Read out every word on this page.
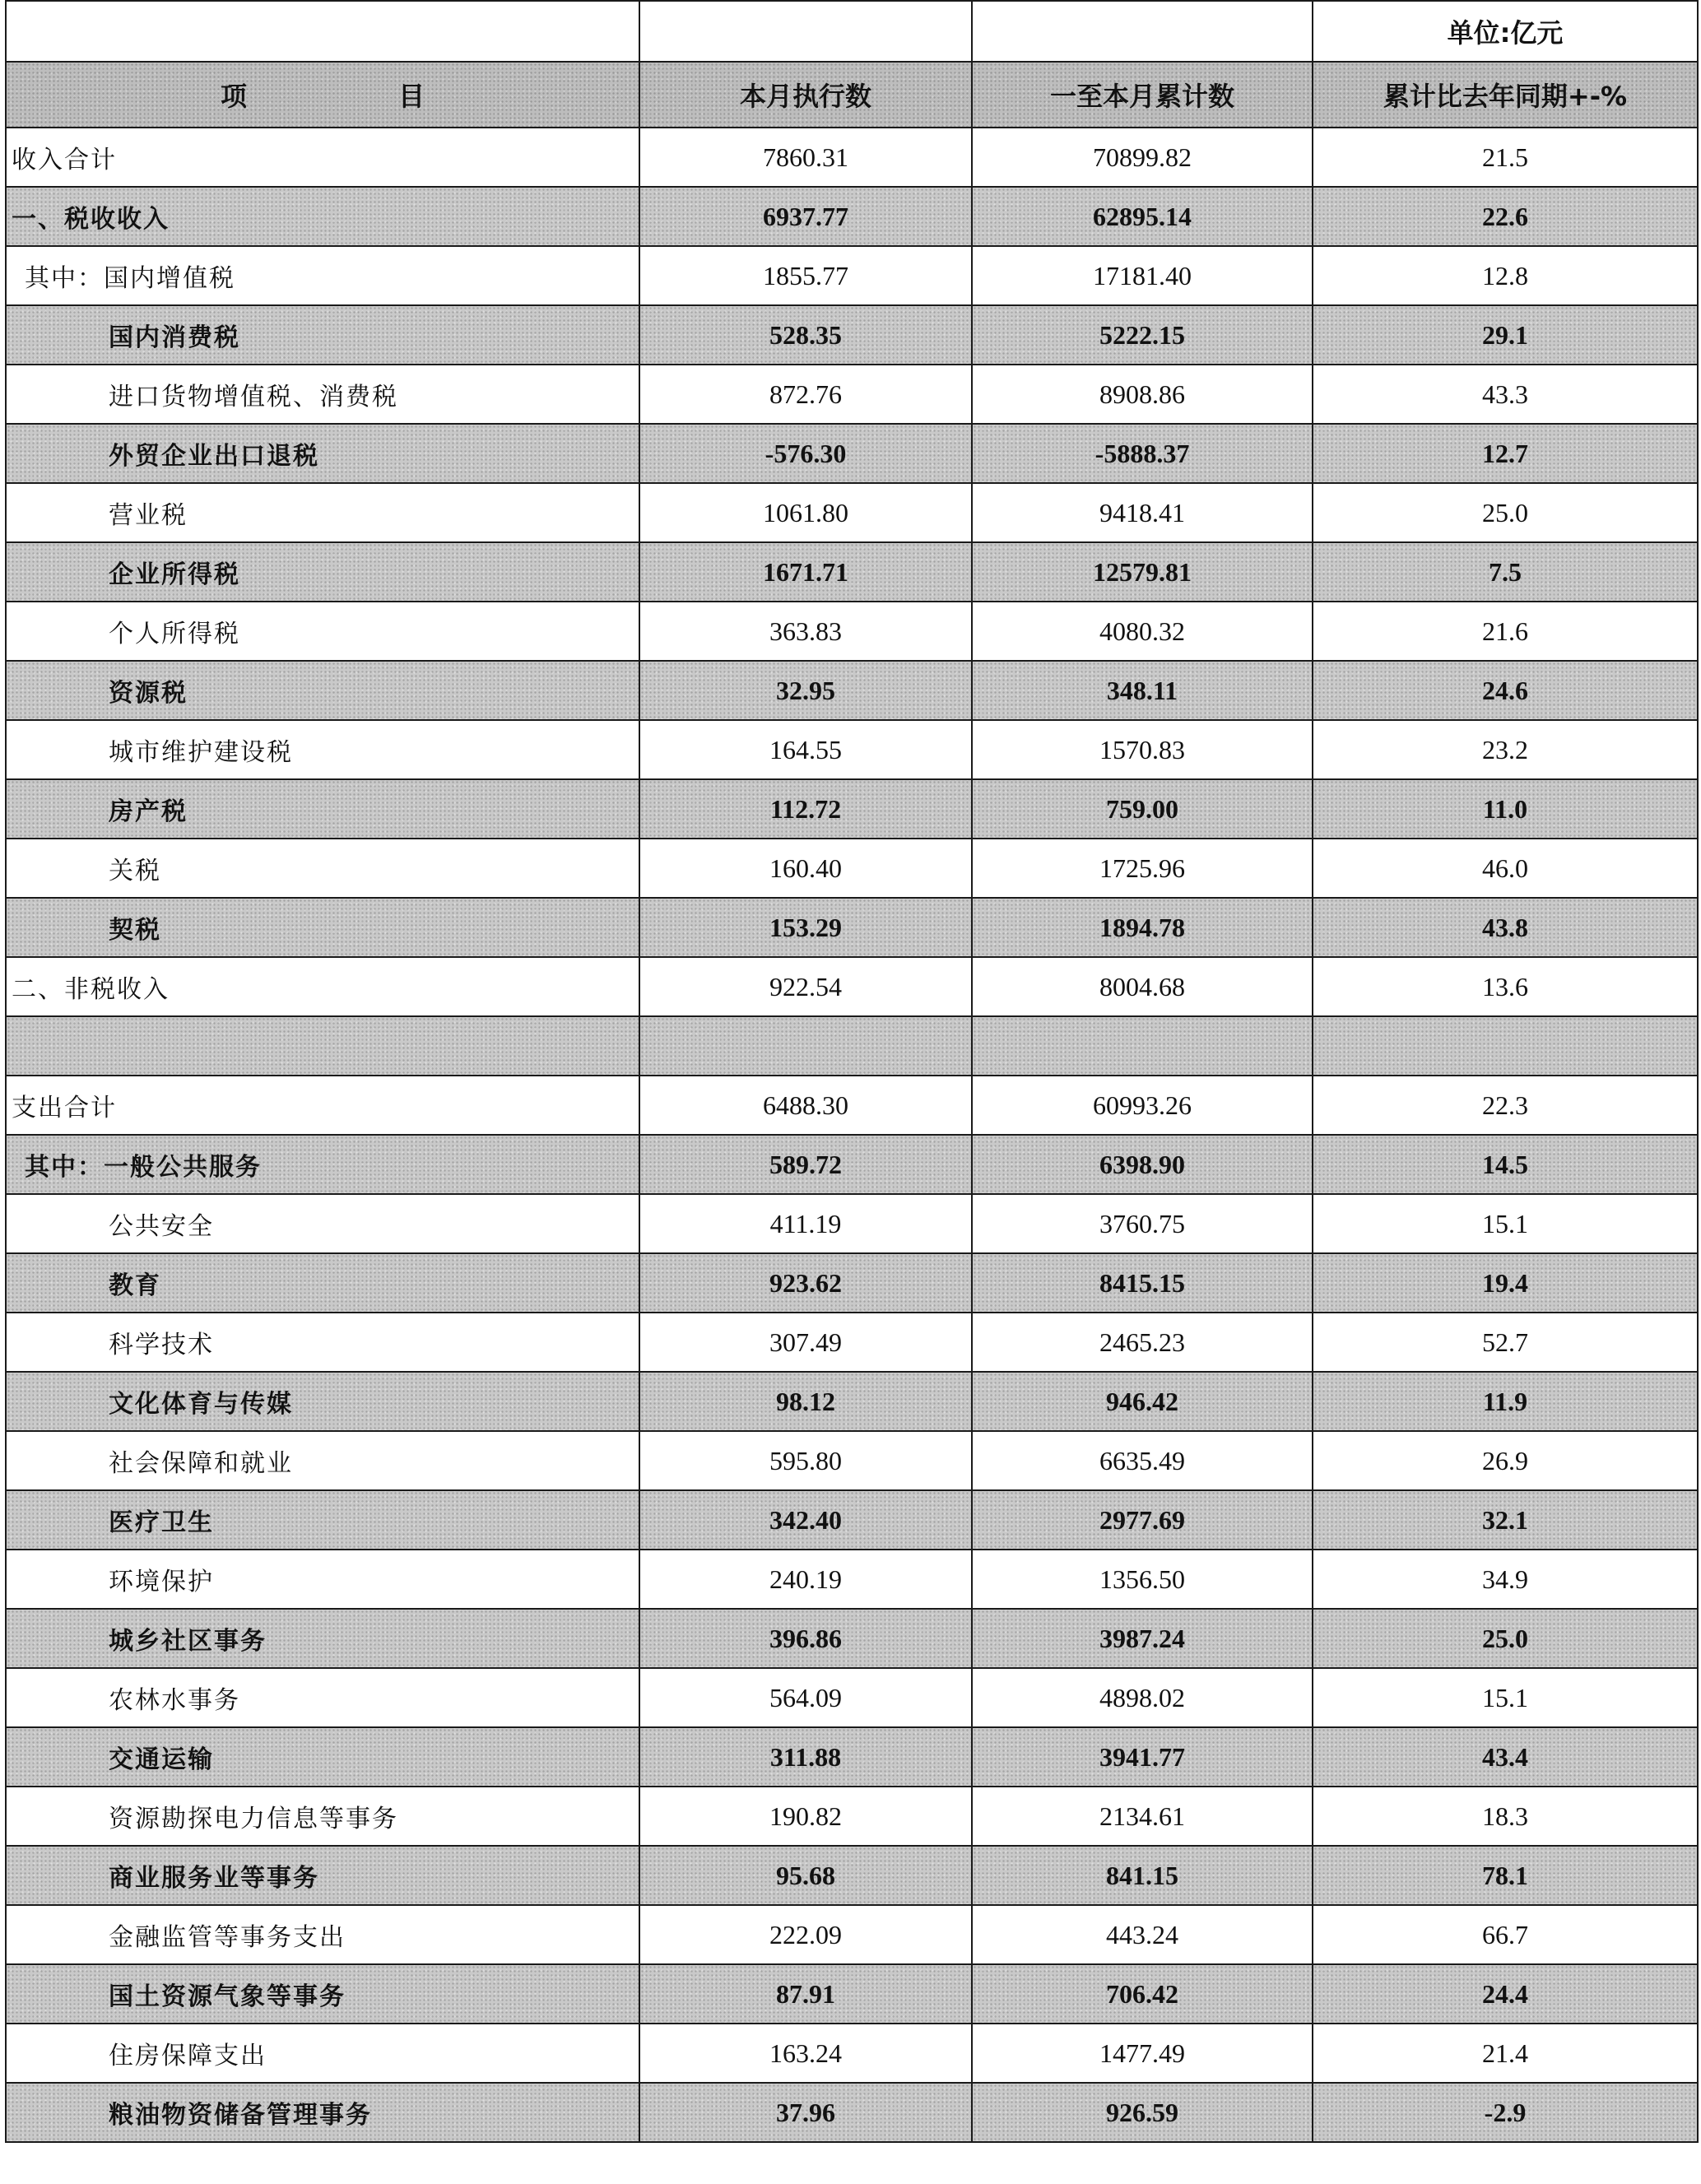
			单位:亿元
项　　目	本月执行数	一至本月累计数	累计比去年同期+-%
收入合计	7860.31	70899.82	21.5
一、税收收入	6937.77	62895.14	22.6
其中：国内增值税	1855.77	17181.40	12.8
国内消费税	528.35	5222.15	29.1
进口货物增值税、消费税	872.76	8908.86	43.3
外贸企业出口退税	-576.30	-5888.37	12.7
营业税	1061.80	9418.41	25.0
企业所得税	1671.71	12579.81	7.5
个人所得税	363.83	4080.32	21.6
资源税	32.95	348.11	24.6
城市维护建设税	164.55	1570.83	23.2
房产税	112.72	759.00	11.0
关税	160.40	1725.96	46.0
契税	153.29	1894.78	43.8
二、非税收入	922.54	8004.68	13.6

支出合计	6488.30	60993.26	22.3
其中：一般公共服务	589.72	6398.90	14.5
公共安全	411.19	3760.75	15.1
教育	923.62	8415.15	19.4
科学技术	307.49	2465.23	52.7
文化体育与传媒	98.12	946.42	11.9
社会保障和就业	595.80	6635.49	26.9
医疗卫生	342.40	2977.69	32.1
环境保护	240.19	1356.50	34.9
城乡社区事务	396.86	3987.24	25.0
农林水事务	564.09	4898.02	15.1
交通运输	311.88	3941.77	43.4
资源勘探电力信息等事务	190.82	2134.61	18.3
商业服务业等事务	95.68	841.15	78.1
金融监管等事务支出	222.09	443.24	66.7
国土资源气象等事务	87.91	706.42	24.4
住房保障支出	163.24	1477.49	21.4
粮油物资储备管理事务	37.96	926.59	-2.9
